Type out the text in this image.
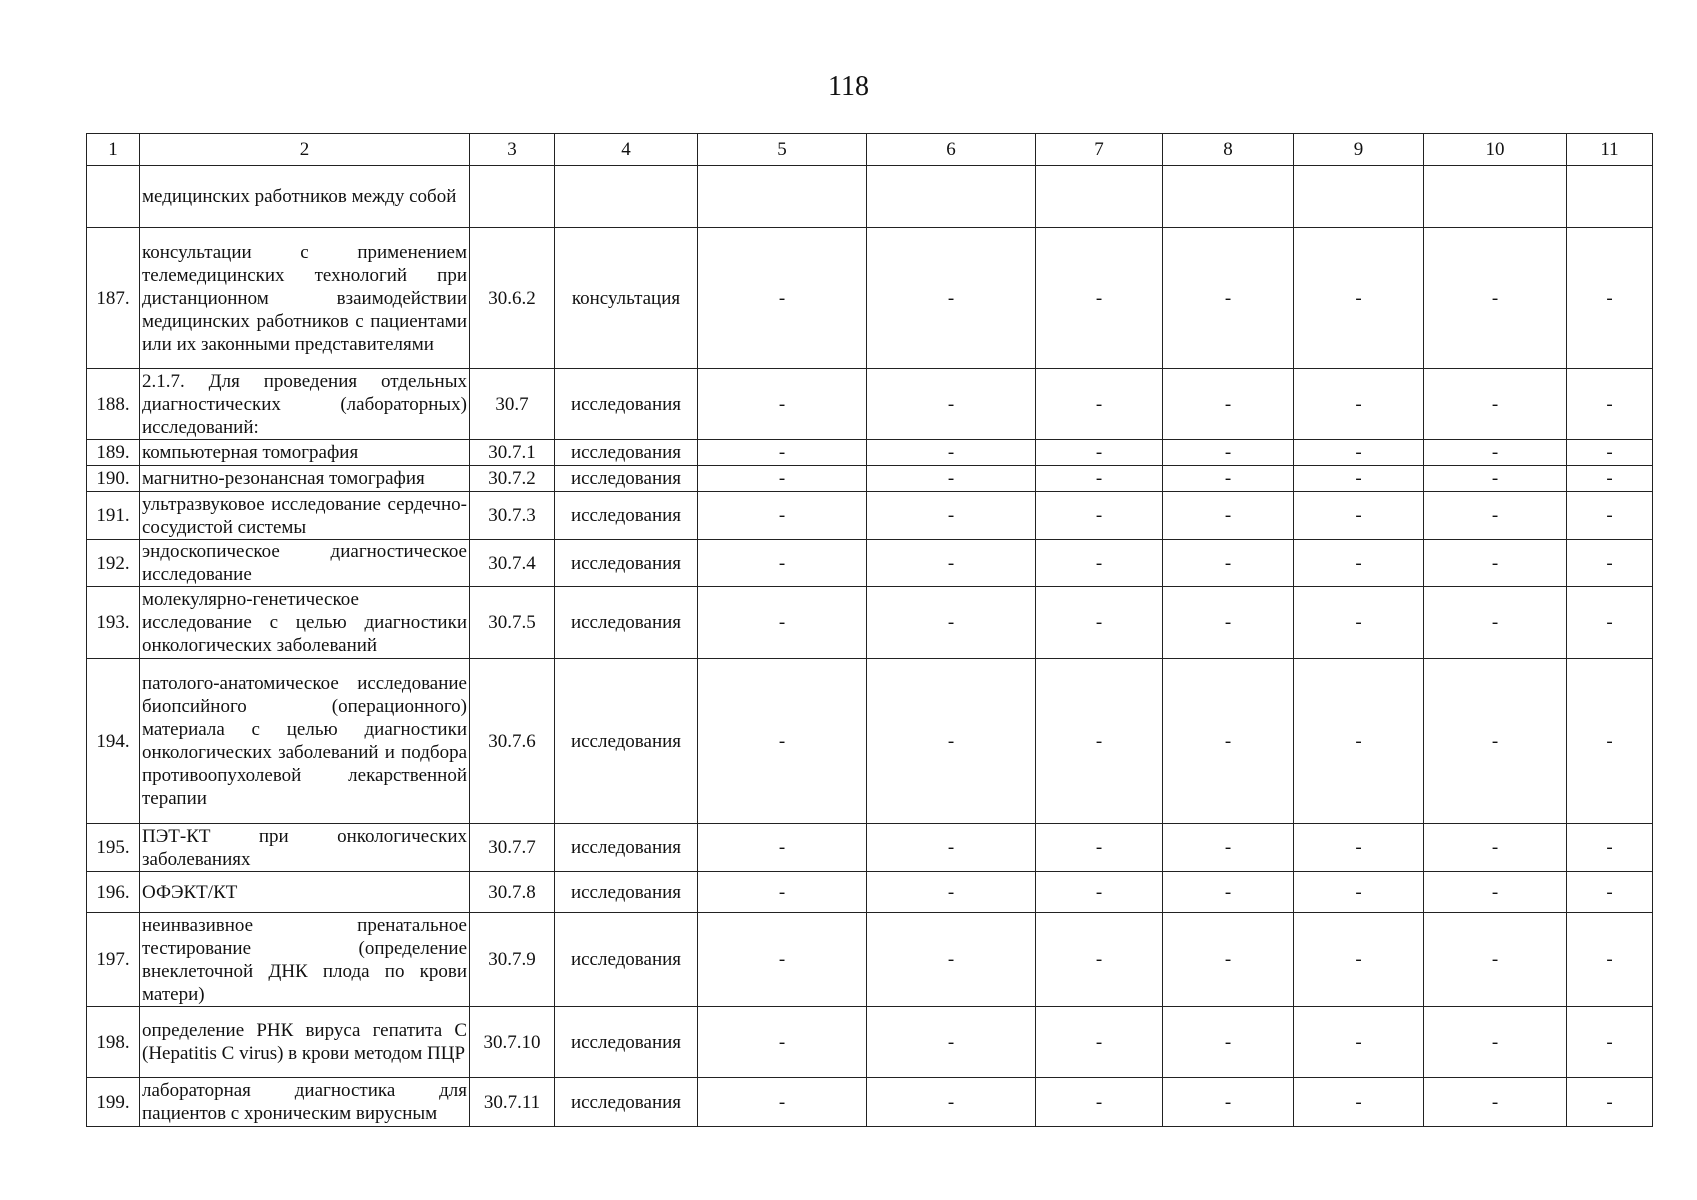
118
1	2	3	4	5	6	7	8	9	10	11
	медицинских работников между собой									
187.	консультации с применением телемедицинских технологий при дистанционном взаимодействии медицинских работников с пациентами или их законными представителями	30.6.2	консультация	-	-	-	-	-	-	-
188.	2.1.7. Для проведения отдельных диагностических (лабораторных) исследований:	30.7	исследования	-	-	-	-	-	-	-
189.	компьютерная томография	30.7.1	исследования	-	-	-	-	-	-	-
190.	магнитно-резонансная томография	30.7.2	исследования	-	-	-	-	-	-	-
191.	ультразвуковое исследование сердечно-сосудистой системы	30.7.3	исследования	-	-	-	-	-	-	-
192.	эндоскопическое диагностическое исследование	30.7.4	исследования	-	-	-	-	-	-	-
193.	молекулярно-генетическое исследование с целью диагностики онкологических заболеваний	30.7.5	исследования	-	-	-	-	-	-	-
194.	патолого-анатомическое исследование биопсийного (операционного) материала с целью диагностики онкологических заболеваний и подбора противоопухолевой лекарственной терапии	30.7.6	исследования	-	-	-	-	-	-	-
195.	ПЭТ-КТ при онкологических заболеваниях	30.7.7	исследования	-	-	-	-	-	-	-
196.	ОФЭКТ/КТ	30.7.8	исследования	-	-	-	-	-	-	-
197.	неинвазивное пренатальное тестирование (определение внеклеточной ДНК плода по крови матери)	30.7.9	исследования	-	-	-	-	-	-	-
198.	определение РНК вируса гепатита C (Hepatitis C virus) в крови методом ПЦР	30.7.10	исследования	-	-	-	-	-	-	-
199.	лабораторная диагностика для пациентов с хроническим вирусным	30.7.11	исследования	-	-	-	-	-	-	-
